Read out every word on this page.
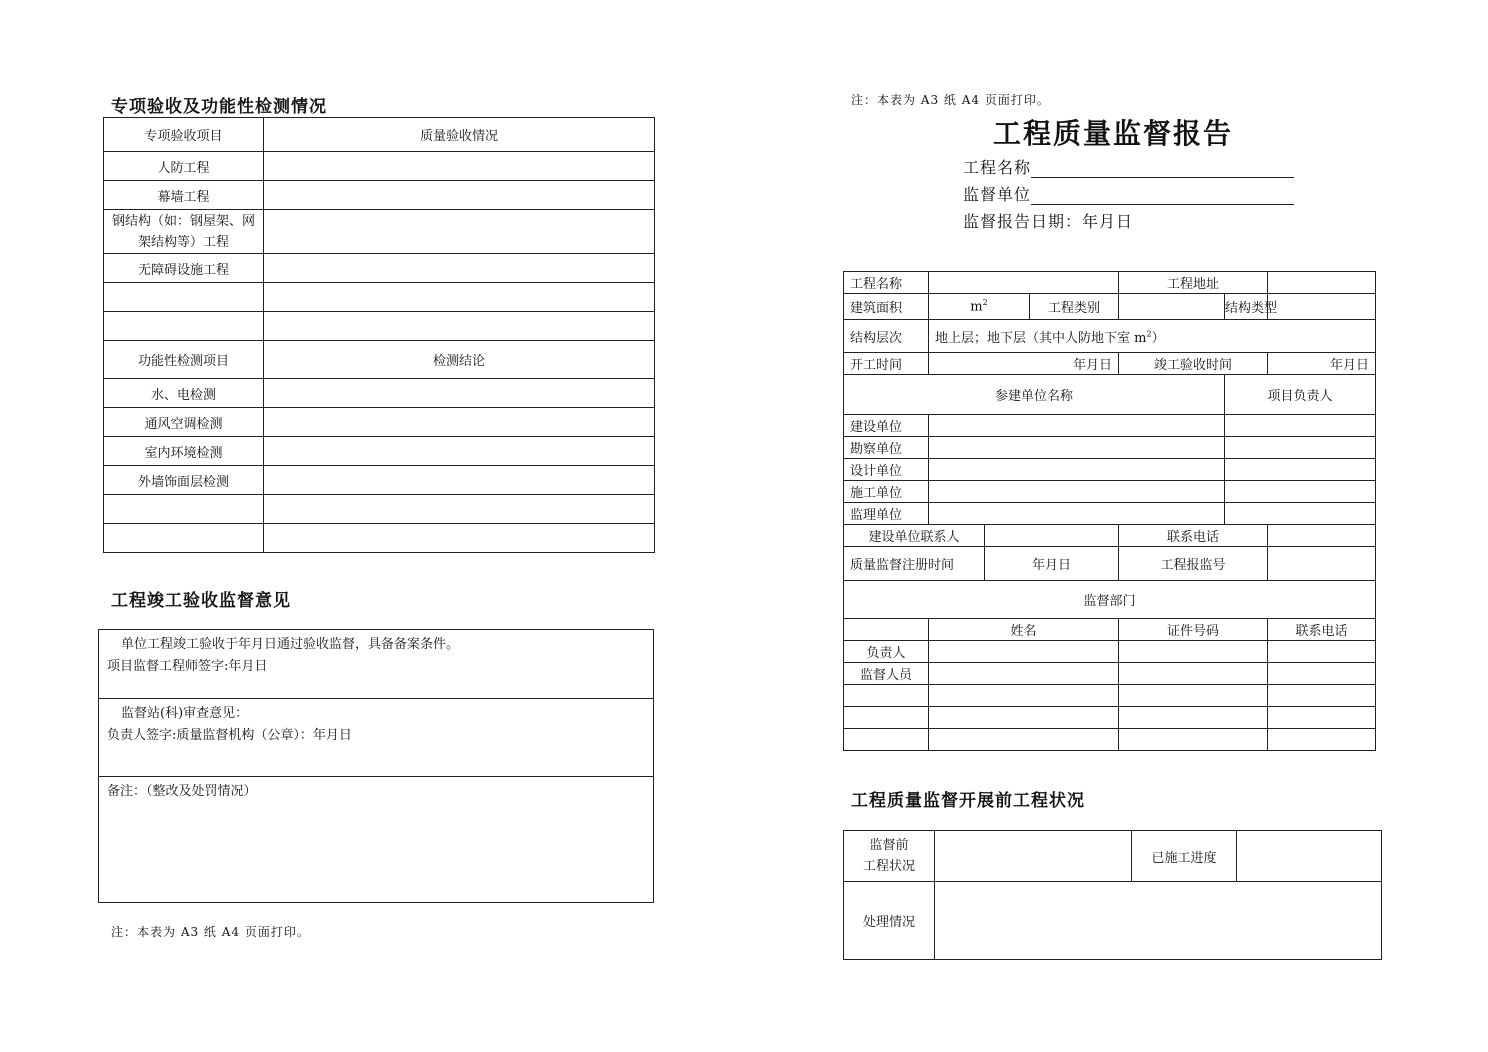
专项验收及功能性检测情况
专项验收项目	质量验收情况
人防工程	
幕墙工程	
钢结构（如：钢屋架、网架结构等）工程	
无障碍设施工程	

功能性检测项目	检测结论
水、电检测	
通风空调检测	
室内环境检测	
外墙饰面层检测	

工程竣工验收监督意见
单位工程竣工验收于年月日通过验收监督，具备备案条件。
项目监督工程师签字:年月日
监督站(科)审查意见：
负责人签字:质量监督机构（公章）：年月日
备注：（整改及处罚情况）
注：本表为 A3 纸 A4 页面打印。
注：本表为 A3 纸 A4 页面打印。
工程质量监督报告
工程名称
监督单位
监督报告日期：年月日
工程名称				工程地址		
建筑面积	$m^2$		工程类别		结构类型	
结构层次	地上层；地下层（其中人防地下室 $m^2$）					
开工时间	年月日			竣工验收时间		年月日
参建单位名称					项目负责人	
建设单位						
勘察单位						
设计单位						
施工单位						
监理单位						
建设单位联系人				联系电话		
质量监督注册时间		年月日		工程报监号		
监督部门						
	姓名			证件号码		联系电话
负责人						
监督人员						

工程质量监督开展前工程状况
监督前
工程状况		已施工进度	
处理情况			
